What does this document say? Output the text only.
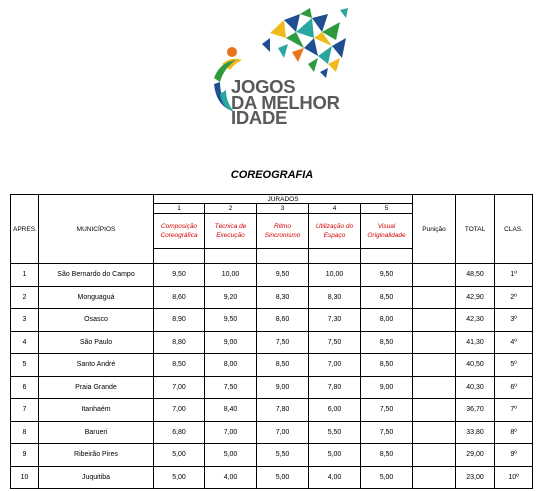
JOGOS
DA MELHOR
IDADE
COREOGRAFIA
APRES.	MUNICÍPIOS	JURADOS					Punição	TOTAL	CLAS.
		1	2	3	4	5			
		Composição Coreográfica	Técnica de Execução	Ritmo Sincronismo	Utilização do Espaço	Visual Originalidade			

1	São Bernardo do Campo	9,50	10,00	9,50	10,00	9,50		48,50	1º
2	Monguaguá	8,60	9,20	8,30	8,30	8,50		42,90	2º
3	Osasco	8,90	9,50	8,60	7,30	8,00		42,30	3º
4	São Paulo	8,80	9,00	7,50	7,50	8,50		41,30	4º
5	Santo André	8,50	8,00	8,50	7,00	8,50		40,50	5º
6	Praia Grande	7,00	7,50	9,00	7,80	9,00		40,30	6º
7	Itanhaém	7,00	8,40	7,80	6,00	7,50		36,70	7º
8	Barueri	6,80	7,00	7,00	5,50	7,50		33,80	8º
9	Ribeirão Pires	5,00	5,00	5,50	5,00	8,50		29,00	9º
10	Juquitiba	5,00	4,00	5,00	4,00	5,00		23,00	10º
